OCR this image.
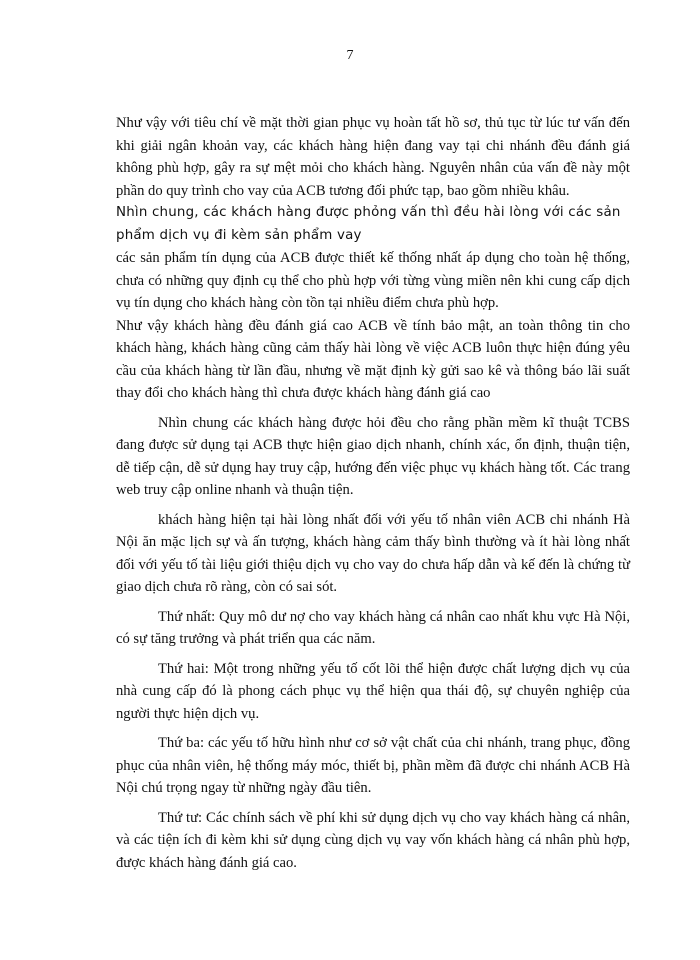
7

Như vậy với tiêu chí về mặt thời gian phục vụ hoàn tất hồ sơ, thủ tục từ lúc tư vấn đến khi giải ngân khoản vay, các khách hàng hiện đang vay tại chi nhánh đều đánh giá không phù hợp, gây ra sự mệt mỏi cho khách hàng. Nguyên nhân của vấn đề này một phần do quy trình cho vay của ACB tương đối phức tạp, bao gồm nhiều khâu.

Nhìn chung, các khách hàng được phỏng vấn thì đều hài lòng với các sản phẩm dịch vụ đi kèm sản phẩm vay

các sản phẩm tín dụng của ACB được thiết kế thống nhất áp dụng cho toàn hệ thống, chưa có những quy định cụ thể cho phù hợp với từng vùng miền nên khi cung cấp dịch vụ tín dụng cho khách hàng còn tồn tại nhiều điểm chưa phù hợp.

Như vậy khách hàng đều đánh giá cao ACB về tính bảo mật, an toàn thông tin cho khách hàng, khách hàng cũng cảm thấy hài lòng về việc ACB luôn thực hiện đúng yêu cầu của khách hàng từ lần đầu, nhưng về mặt định kỳ gửi sao kê và thông báo lãi suất thay đổi cho khách hàng thì chưa được khách hàng đánh giá cao

Nhìn chung các khách hàng được hỏi đều cho rằng phần mềm kĩ thuật TCBS đang được sử dụng tại ACB thực hiện giao dịch nhanh, chính xác, ổn định, thuận tiện, dễ tiếp cận, dễ sử dụng hay truy cập, hướng đến việc phục vụ khách hàng tốt. Các trang web truy cập online nhanh và thuận tiện.

khách hàng hiện tại hài lòng nhất đối với yếu tố nhân viên ACB chi nhánh Hà Nội ăn mặc lịch sự và ấn tượng, khách hàng cảm thấy bình thường và ít hài lòng nhất đối với yếu tố tài liệu giới thiệu dịch vụ cho vay do chưa hấp dẫn và kế đến là chứng từ giao dịch chưa rõ ràng, còn có sai sót.

Thứ nhất: Quy mô dư nợ cho vay khách hàng cá nhân cao nhất khu vực Hà Nội, có sự tăng trưởng và phát triển qua các năm.

Thứ hai: Một trong những yếu tố cốt lõi thể hiện được chất lượng dịch vụ của nhà cung cấp đó là phong cách phục vụ thể hiện qua thái độ, sự chuyên nghiệp của người thực hiện dịch vụ.

Thứ ba: các yếu tố hữu hình như cơ sở vật chất của chi nhánh, trang phục, đồng phục của nhân viên, hệ thống máy móc, thiết bị, phần mềm đã được chi nhánh ACB Hà Nội chú trọng ngay từ những ngày đầu tiên.

Thứ tư: Các chính sách về phí khi sử dụng dịch vụ cho vay khách hàng cá nhân, và các tiện ích đi kèm khi sử dụng cùng dịch vụ vay vốn khách hàng cá nhân phù hợp, được khách hàng đánh giá cao.
